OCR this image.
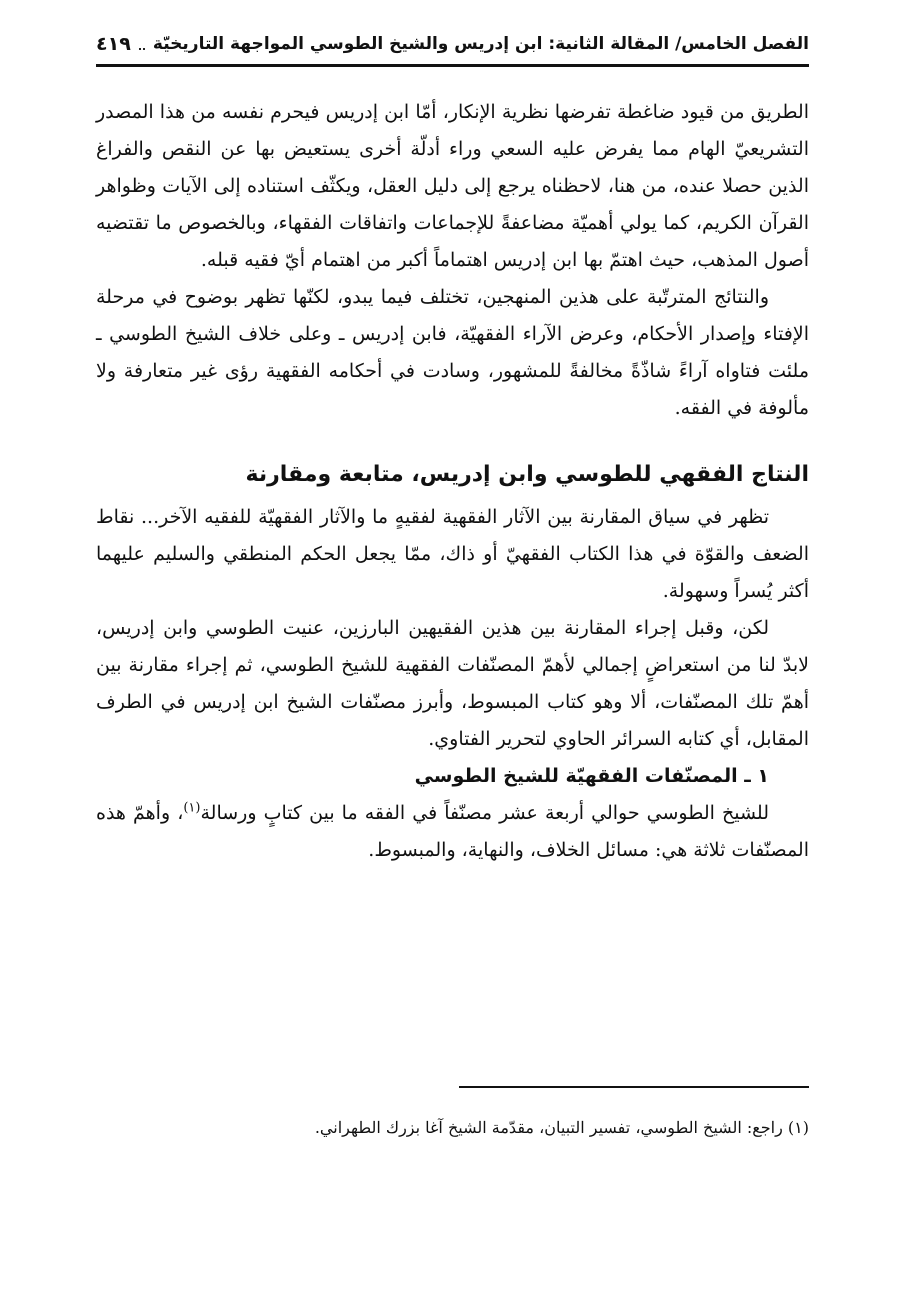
الفصل الخامس/ المقالة الثانية: ابن إدريس والشيخ الطوسي المواجهة التاريخيّة
٤١٩

الطريق من قيود ضاغطة تفرضها نظرية الإنكار، أمّا ابن إدريس فيحرم نفسه من هذا المصدر التشريعيّ الهام مما يفرض عليه السعي وراء أدلّة أخرى يستعيض بها عن النقص والفراغ الذين حصلا عنده، من هنا، لاحظناه يرجع إلى دليل العقل، ويكثّف استناده إلى الآيات وظواهر القرآن الكريم، كما يولي أهميّة مضاعفةً للإجماعات واتفاقات الفقهاء، وبالخصوص ما تقتضيه أصول المذهب، حيث اهتمّ بها ابن إدريس اهتماماً أكبر من اهتمام أيّ فقيه قبله.

والنتائج المترتّبة على هذين المنهجين، تختلف فيما يبدو، لكنّها تظهر بوضوح في مرحلة الإفتاء وإصدار الأحكام، وعرض الآراء الفقهيّة، فابن إدريس ـ وعلى خلاف الشيخ الطوسي ـ ملئت فتاواه آراءً شاذّةً مخالفةً للمشهور، وسادت في أحكامه الفقهية رؤى غير متعارفة ولا مألوفة في الفقه.

النتاج الفقهي للطوسي وابن إدريس، متابعة ومقارنة

تظهر في سياق المقارنة بين الآثار الفقهية لفقيهٍ ما والآثار الفقهيّة للفقيه الآخر... نقاط الضعف والقوّة في هذا الكتاب الفقهيّ أو ذاك، ممّا يجعل الحكم المنطقي والسليم عليهما أكثر يُسراً وسهولة.

لكن، وقبل إجراء المقارنة بين هذين الفقيهين البارزين، عنيت الطوسي وابن إدريس، لابدّ لنا من استعراضٍ إجمالي لأهمّ المصنّفات الفقهية للشيخ الطوسي، ثم إجراء مقارنة بين أهمّ تلك المصنّفات، ألا وهو كتاب المبسوط، وأبرز مصنّفات الشيخ ابن إدريس في الطرف المقابل، أي كتابه السرائر الحاوي لتحرير الفتاوي.

١ ـ المصنّفات الفقهيّة للشيخ الطوسي

للشيخ الطوسي حوالي أربعة عشر مصنّفاً في الفقه ما بين كتابٍ ورسالة$^{(١)}$، وأهمّ هذه المصنّفات ثلاثة هي: مسائل الخلاف، والنهاية، والمبسوط.

(١) راجع: الشيخ الطوسي، تفسير التبيان، مقدّمة الشيخ آغا بزرك الطهراني.
